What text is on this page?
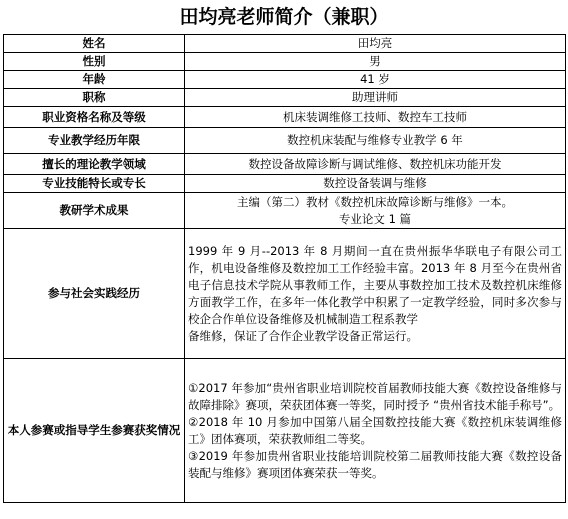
田均亮老师简介（兼职）
姓名	田均亮
性别	男
年龄	41 岁
职称	助理讲师
职业资格名称及等级	机床装调维修工技师、数控车工技师
专业教学经历年限	数控机床装配与维修专业教学 6 年
擅长的理论教学领域	数控设备故障诊断与调试维修、数控机床功能开发
专业技能特长或专长	数控设备装调与维修
教研学术成果	主编（第二）教材《数控机床故障诊断与维修》一本。
专业论文 1 篇

参与社会实践经历	1999 年 9 月--2013 年 8 月期间一直在贵州振华华联电子有限公司工作，机电设备维修及数控加工工作经验丰富。2013 年 8 月至今在贵州省电子信息技术学院从事教师工作，主要从事数控加工技术及数控机床维修方面教学工作，在多年一体化教学中积累了一定教学经验，同时多次参与校企合作单位设备维修及机械制造工程系教学
备维修，保证了合作企业教学设备正常运行。

本人参赛或指导学生参赛获奖情况	①2017 年参加“贵州省职业培训院校首届教师技能大赛《数控设备维修与故障排除》赛项，荣获团体赛一等奖，同时授予 “贵州省技术能手称号”。
②2018 年 10 月参加中国第八届全国数控技能大赛《数控机床装调维修工》团体赛项，荣获教师组二等奖。
③2019 年参加贵州省职业技能培训院校第二届教师技能大赛《数控设备装配与维修》赛项团体赛荣获一等奖。
